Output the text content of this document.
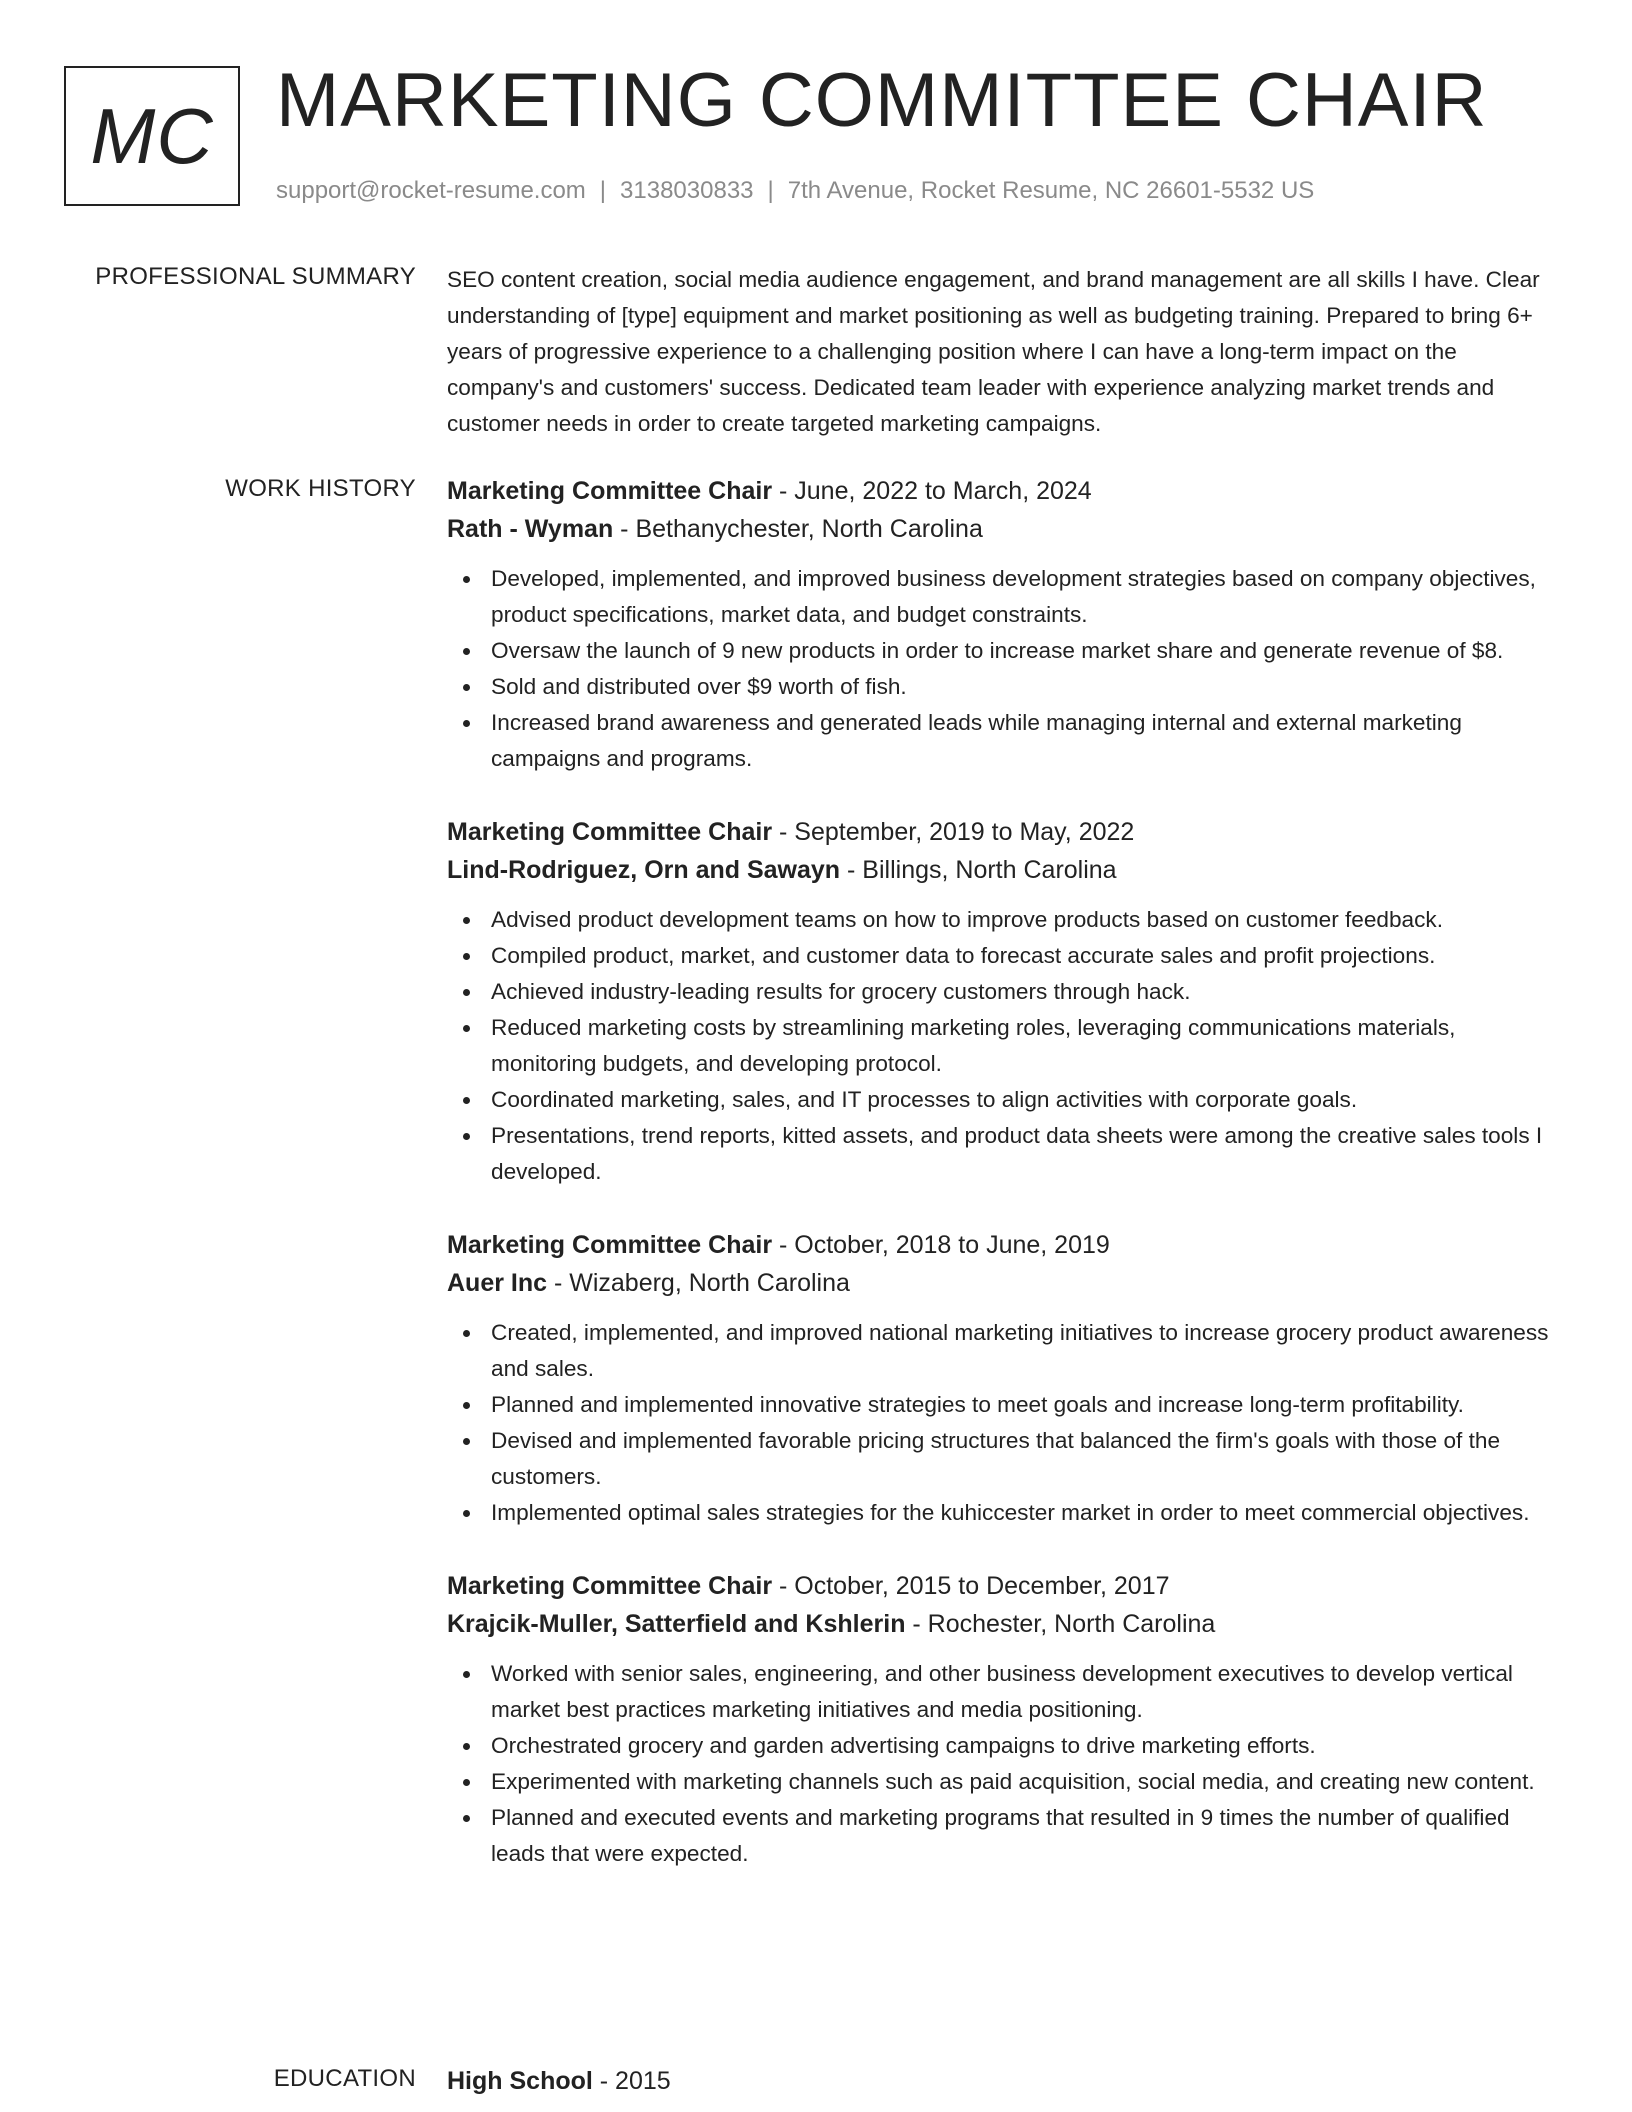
MC MARKETING COMMITTEE CHAIR
support@rocket-resume.com | 3138030833 | 7th Avenue, Rocket Resume, NC 26601-5532 US
PROFESSIONAL SUMMARY SEO content creation, social media audience engagement, and brand management are all skills I have. Clear understanding of [type] equipment and market positioning as well as budgeting training. Prepared to bring 6+ years of progressive experience to a challenging position where I can have a long-term impact on the company's and customers' success. Dedicated team leader with experience analyzing market trends and customer needs in order to create targeted marketing campaigns.

WORK HISTORY Marketing Committee Chair - June, 2022 to March, 2024
Rath - Wyman - Bethanychester, North Carolina
Developed, implemented, and improved business development strategies based on company objectives, product specifications, market data, and budget constraints.
Oversaw the launch of 9 new products in order to increase market share and generate revenue of $8.
Sold and distributed over $9 worth of fish.
Increased brand awareness and generated leads while managing internal and external marketing campaigns and programs.
Marketing Committee Chair - September, 2019 to May, 2022
Lind-Rodriguez, Orn and Sawayn - Billings, North Carolina
Advised product development teams on how to improve products based on customer feedback.
Compiled product, market, and customer data to forecast accurate sales and profit projections.
Achieved industry-leading results for grocery customers through hack.
Reduced marketing costs by streamlining marketing roles, leveraging communications materials, monitoring budgets, and developing protocol.
Coordinated marketing, sales, and IT processes to align activities with corporate goals.
Presentations, trend reports, kitted assets, and product data sheets were among the creative sales tools I developed.
Marketing Committee Chair - October, 2018 to June, 2019
Auer Inc - Wizaberg, North Carolina
Created, implemented, and improved national marketing initiatives to increase grocery product awareness and sales.
Planned and implemented innovative strategies to meet goals and increase long-term profitability.
Devised and implemented favorable pricing structures that balanced the firm's goals with those of the customers.
Implemented optimal sales strategies for the kuhiccester market in order to meet commercial objectives.
Marketing Committee Chair - October, 2015 to December, 2017
Krajcik-Muller, Satterfield and Kshlerin - Rochester, North Carolina
Worked with senior sales, engineering, and other business development executives to develop vertical market best practices marketing initiatives and media positioning.
Orchestrated grocery and garden advertising campaigns to drive marketing efforts.
Experimented with marketing channels such as paid acquisition, social media, and creating new content.
Planned and executed events and marketing programs that resulted in 9 times the number of qualified leads that were expected.
EDUCATION High School - 2015
